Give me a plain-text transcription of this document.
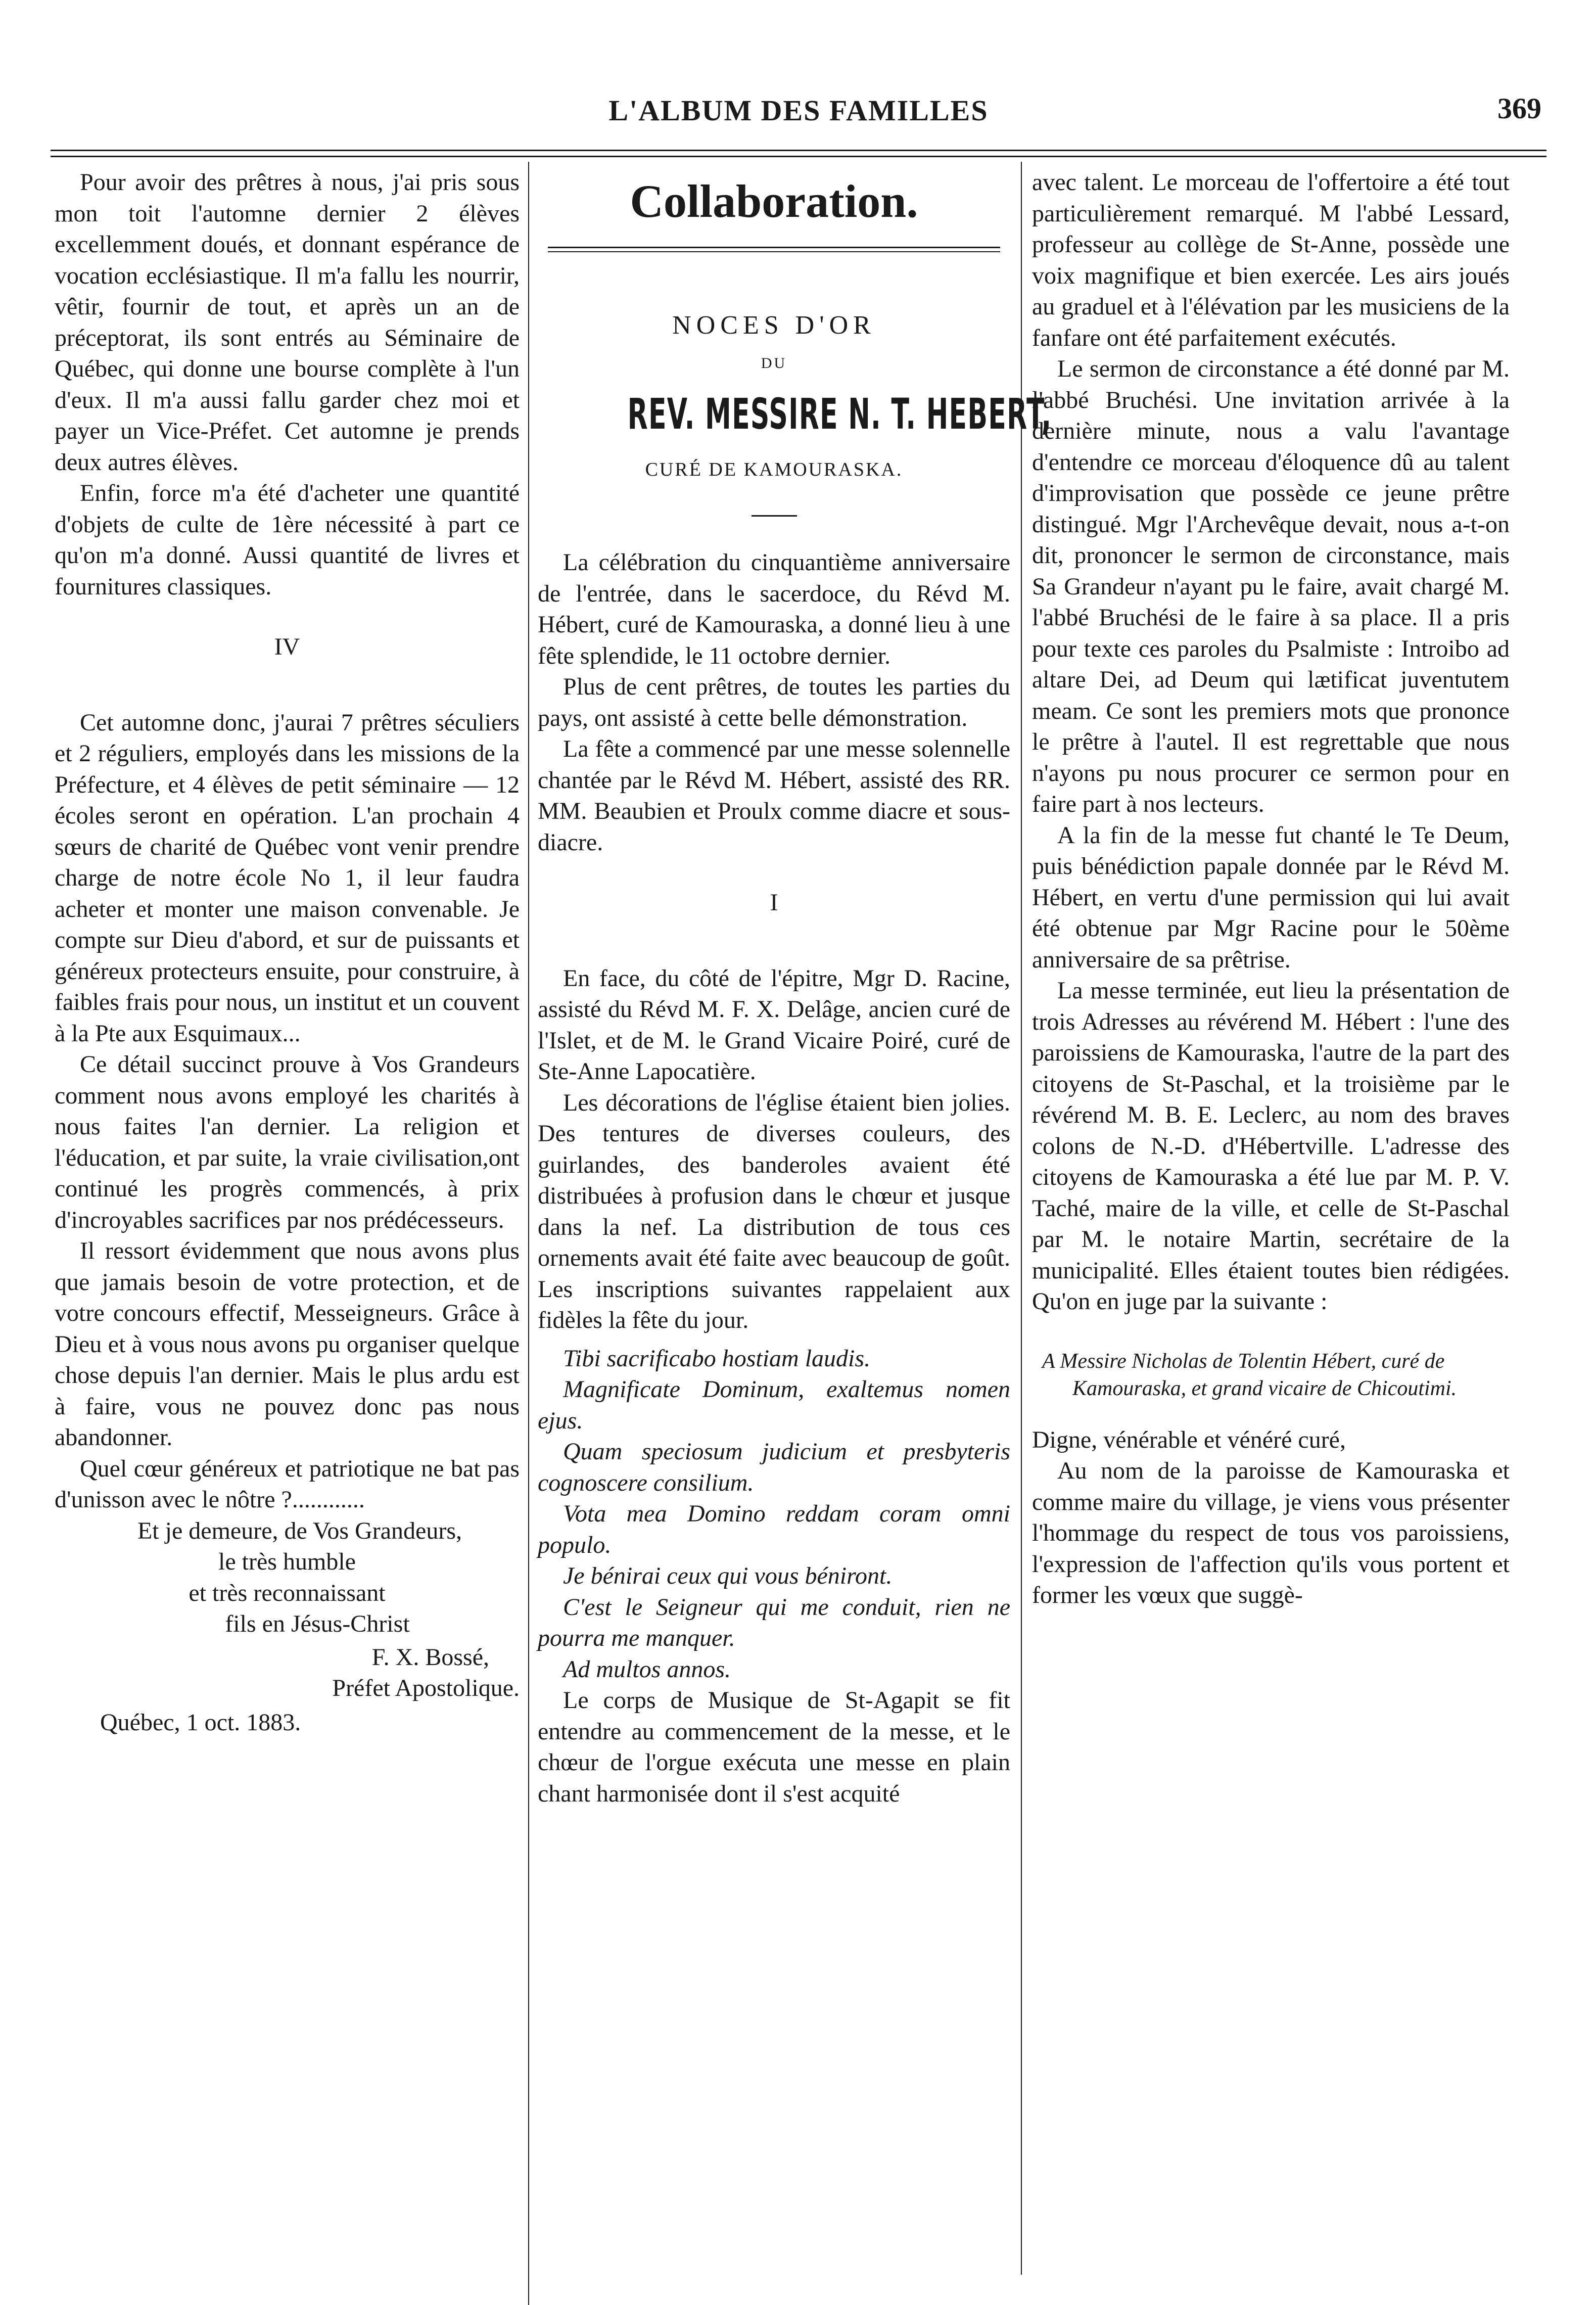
L'ALBUM DES FAMILLES	369

Pour avoir des prêtres à nous, j'ai pris sous mon toit l'automne dernier 2 élèves excellemment doués, et donnant espérance de vocation ecclésiastique. Il m'a fallu les nourrir, vêtir, fournir de tout, et après un an de préceptorat, ils sont entrés au Séminaire de Québec, qui donne une bourse complète à l'un d'eux. Il m'a aussi fallu garder chez moi et payer un Vice-Préfet. Cet automne je prends deux autres élèves.

Enfin, force m'a été d'acheter une quantité d'objets de culte de 1ère nécessité à part ce qu'on m'a donné. Aussi quantité de livres et fournitures classiques.

IV

Cet automne donc, j'aurai 7 prêtres séculiers et 2 réguliers, employés dans les missions de la Préfecture, et 4 élèves de petit séminaire — 12 écoles seront en opération. L'an prochain 4 sœurs de charité de Québec vont venir prendre charge de notre école No 1, il leur faudra acheter et monter une maison convenable. Je compte sur Dieu d'abord, et sur de puissants et généreux protecteurs ensuite, pour construire, à faibles frais pour nous, un institut et un couvent à la Pte aux Esquimaux...

Ce détail succinct prouve à Vos Grandeurs comment nous avons employé les charités à nous faites l'an dernier. La religion et l'éducation, et par suite, la vraie civilisation,ont continué les progrès commencés, à prix d'incroyables sacrifices par nos prédécesseurs.

Il ressort évidemment que nous avons plus que jamais besoin de votre protection, et de votre concours effectif, Messeigneurs. Grâce à Dieu et à vous nous avons pu organiser quelque chose depuis l'an dernier. Mais le plus ardu est à faire, vous ne pouvez donc pas nous abandonner.

Quel cœur généreux et patriotique ne bat pas d'unisson avec le nôtre ?............

Et je demeure, de Vos Grandeurs,

le très humble

et très reconnaissant

fils en Jésus-Christ

F. X. Bossé,

Préfet Apostolique.

Québec, 1 oct. 1883.

Collaboration.

NOCES D'OR

DU

REV. MESSIRE N. T. HEBERT,

CURÉ DE KAMOURASKA.

La célébration du cinquantième anniversaire de l'entrée, dans le sacerdoce, du Révd M. Hébert, curé de Kamouraska, a donné lieu à une fête splendide, le 11 octobre dernier.

Plus de cent prêtres, de toutes les parties du pays, ont assisté à cette belle démonstration.

La fête a commencé par une messe solennelle chantée par le Révd M. Hébert, assisté des RR. MM. Beaubien et Proulx comme diacre et sous-diacre.

I

En face, du côté de l'épitre, Mgr D. Racine, assisté du Révd M. F. X. Delâge, ancien curé de l'Islet, et de M. le Grand Vicaire Poiré, curé de Ste-Anne Lapocatière.

Les décorations de l'église étaient bien jolies. Des tentures de diverses couleurs, des guirlandes, des banderoles avaient été distribuées à profusion dans le chœur et jusque dans la nef. La distribution de tous ces ornements avait été faite avec beaucoup de goût. Les inscriptions suivantes rappelaient aux fidèles la fête du jour.

Tibi sacrificabo hostiam laudis.

Magnificate Dominum, exaltemus nomen ejus.

Quam speciosum judicium et presbyteris cognoscere consilium.

Vota mea Domino reddam coram omni populo.

Je bénirai ceux qui vous béniront.

C'est le Seigneur qui me conduit, rien ne pourra me manquer.

Ad multos annos.

Le corps de Musique de St-Agapit se fit entendre au commencement de la messe, et le chœur de l'orgue exécuta une messe en plain chant harmonisée dont il s'est acquité

avec talent. Le morceau de l'offertoire a été tout particulièrement remarqué. M l'abbé Lessard, professeur au collège de St-Anne, possède une voix magnifique et bien exercée. Les airs joués au graduel et à l'élévation par les musiciens de la fanfare ont été parfaitement exécutés.

Le sermon de circonstance a été donné par M. l'abbé Bruchési. Une invitation arrivée à la dernière minute, nous a valu l'avantage d'entendre ce morceau d'éloquence dû au talent d'improvisation que possède ce jeune prêtre distingué. Mgr l'Archevêque devait, nous a-t-on dit, prononcer le sermon de circonstance, mais Sa Grandeur n'ayant pu le faire, avait chargé M. l'abbé Bruchési de le faire à sa place. Il a pris pour texte ces paroles du Psalmiste : Introibo ad altare Dei, ad Deum qui lætificat juventutem meam. Ce sont les premiers mots que prononce le prêtre à l'autel. Il est regrettable que nous n'ayons pu nous procurer ce sermon pour en faire part à nos lecteurs.

A la fin de la messe fut chanté le Te Deum, puis bénédiction papale donnée par le Révd M. Hébert, en vertu d'une permission qui lui avait été obtenue par Mgr Racine pour le 50ème anniversaire de sa prêtrise.

La messe terminée, eut lieu la présentation de trois Adresses au révérend M. Hébert : l'une des paroissiens de Kamouraska, l'autre de la part des citoyens de St-Paschal, et la troisième par le révérend M. B. E. Leclerc, au nom des braves colons de N.-D. d'Hébertville. L'adresse des citoyens de Kamouraska a été lue par M. P. V. Taché, maire de la ville, et celle de St-Paschal par M. le notaire Martin, secrétaire de la municipalité. Elles étaient toutes bien rédigées. Qu'on en juge par la suivante :

A Messire Nicholas de Tolentin Hébert, curé de Kamouraska, et grand vicaire de Chicoutimi.

Digne, vénérable et vénéré curé,

Au nom de la paroisse de Kamouraska et comme maire du village, je viens vous présenter l'hommage du respect de tous vos paroissiens, l'expression de l'affection qu'ils vous portent et former les vœux que suggè-
